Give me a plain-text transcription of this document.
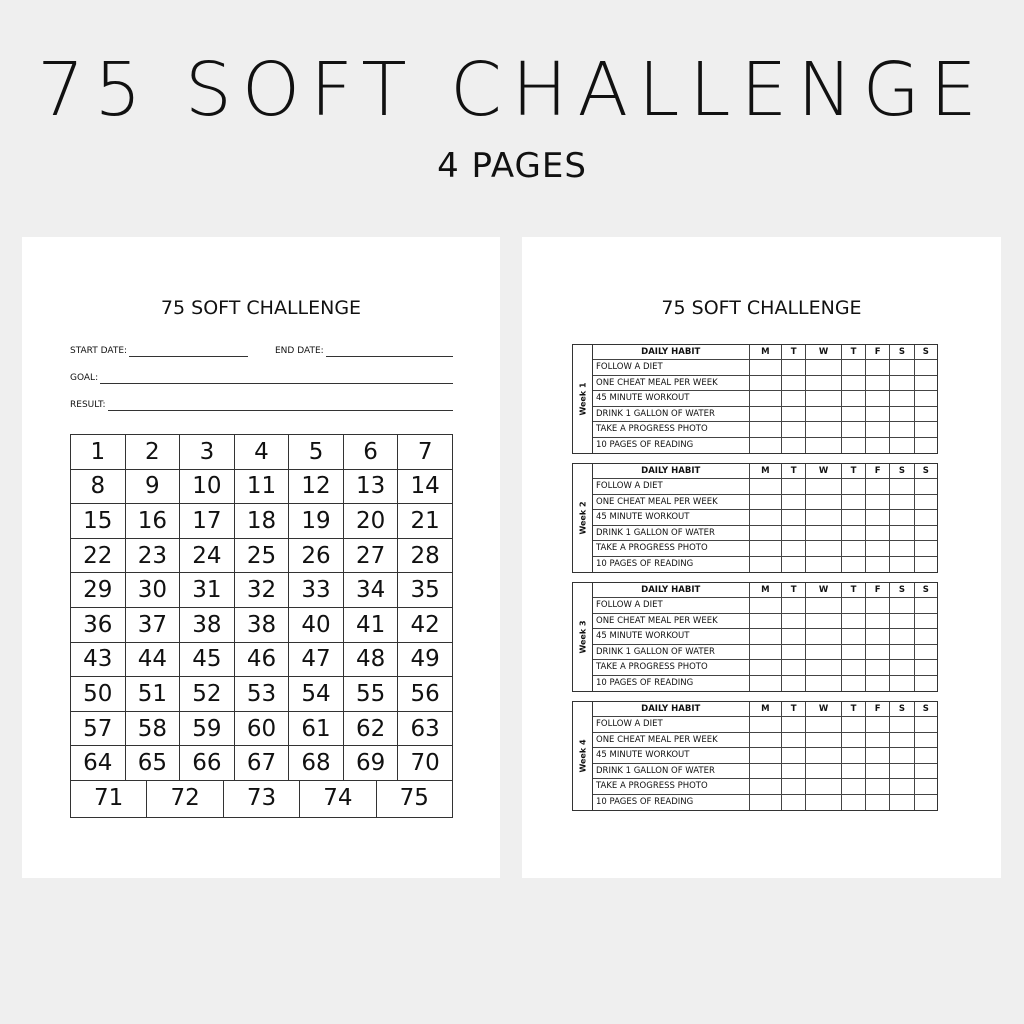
75 SOFT CHALLENGE
4 PAGES
75 SOFT CHALLENGE
START DATE:	END DATE:
GOAL:
RESULT:
1	2	3	4	5	6	7
8	9	10	11	12	13	14
15	16	17	18	19	20	21
22	23	24	25	26	27	28
29	30	31	32	33	34	35
36	37	38	38	40	41	42
43	44	45	46	47	48	49
50	51	52	53	54	55	56
57	58	59	60	61	62	63
64	65	66	67	68	69	70
71	72	73	74	75
75 SOFT CHALLENGE
Week 1
DAILY HABIT	M	T	W	T	F	S	S
FOLLOW A DIET							
ONE CHEAT MEAL PER WEEK							
45 MINUTE WORKOUT							
DRINK 1 GALLON OF WATER							
TAKE A PROGRESS PHOTO							
10 PAGES OF READING							
Week 2
DAILY HABIT	M	T	W	T	F	S	S
FOLLOW A DIET							
ONE CHEAT MEAL PER WEEK							
45 MINUTE WORKOUT							
DRINK 1 GALLON OF WATER							
TAKE A PROGRESS PHOTO							
10 PAGES OF READING							
Week 3
DAILY HABIT	M	T	W	T	F	S	S
FOLLOW A DIET							
ONE CHEAT MEAL PER WEEK							
45 MINUTE WORKOUT							
DRINK 1 GALLON OF WATER							
TAKE A PROGRESS PHOTO							
10 PAGES OF READING							
Week 4
DAILY HABIT	M	T	W	T	F	S	S
FOLLOW A DIET							
ONE CHEAT MEAL PER WEEK							
45 MINUTE WORKOUT							
DRINK 1 GALLON OF WATER							
TAKE A PROGRESS PHOTO							
10 PAGES OF READING							
